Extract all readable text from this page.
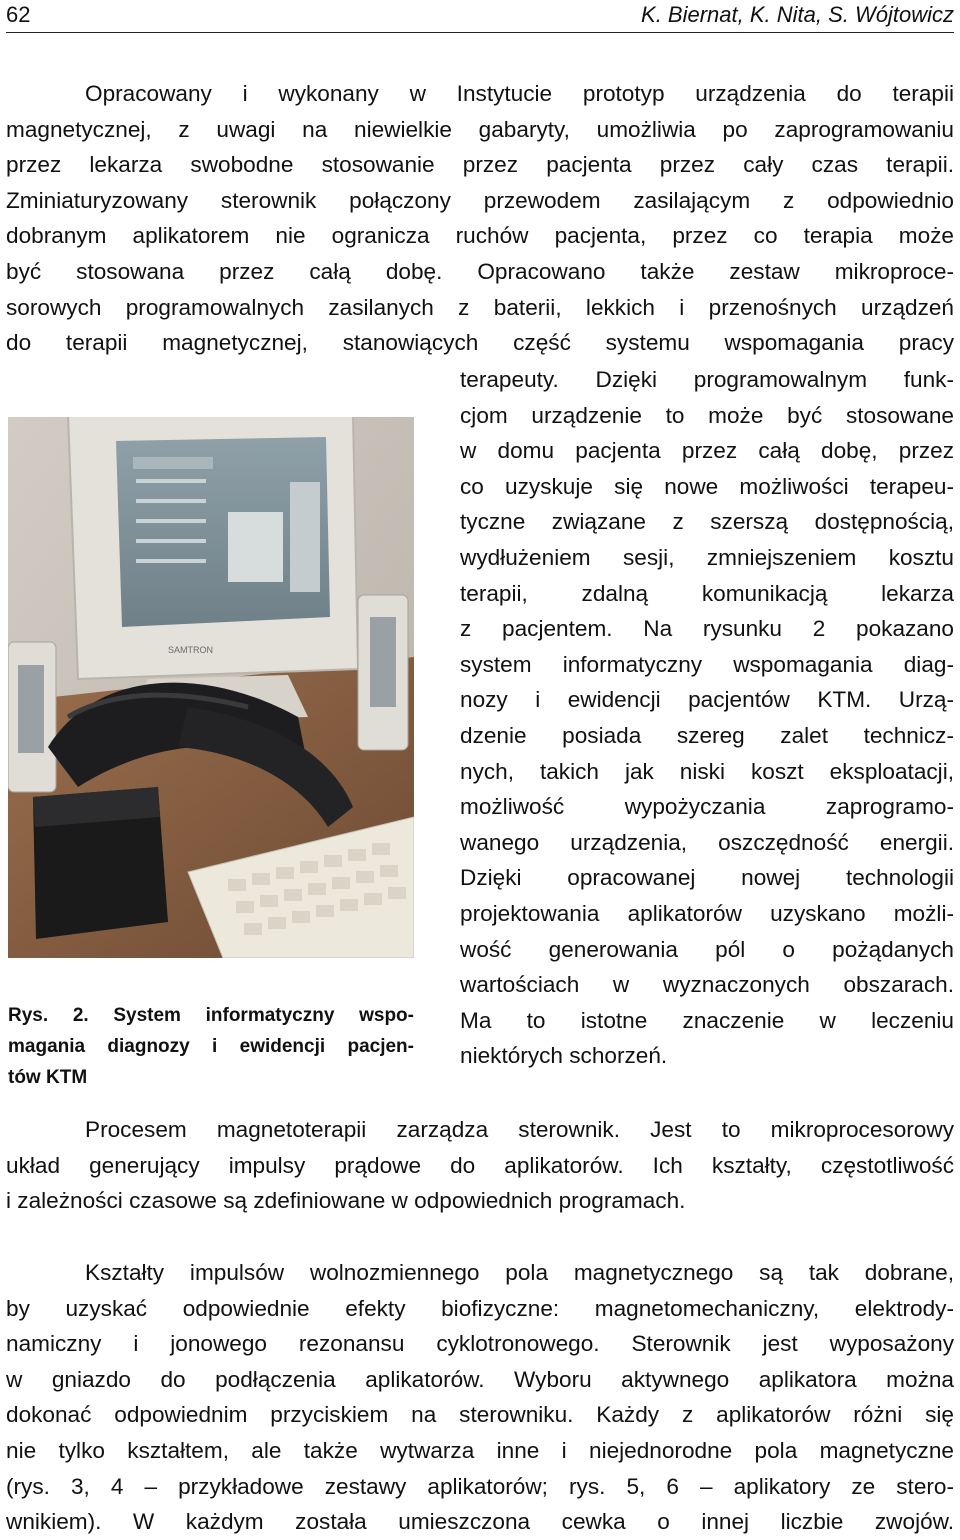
62	K. Biernat, K. Nita, S. Wójtowicz
Opracowany i wykonany w Instytucie prototyp urządzenia do terapii
magnetycznej, z uwagi na niewielkie gabaryty, umożliwia po zaprogramowaniu
przez lekarza swobodne stosowanie przez pacjenta przez cały czas terapii.
Zminiaturyzowany sterownik połączony przewodem zasilającym z odpowiednio
dobranym aplikatorem nie ogranicza ruchów pacjenta, przez co terapia może
być stosowana przez całą dobę. Opracowano także zestaw mikroproce-
sorowych programowalnych zasilanych z baterii, lekkich i przenośnych urządzeń
do terapii magnetycznej, stanowiących część systemu wspomagania pracy
terapeuty. Dzięki programowalnym funk-
cjom urządzenie to może być stosowane
w domu pacjenta przez całą dobę, przez
co uzyskuje się nowe możliwości terapeu-
tyczne związane z szerszą dostępnością,
wydłużeniem sesji, zmniejszeniem kosztu
terapii, zdalną komunikacją lekarza
z pacjentem. Na rysunku 2 pokazano
system informatyczny wspomagania diag-
nozy i ewidencji pacjentów KTM. Urzą-
dzenie posiada szereg zalet technicz-
nych, takich jak niski koszt eksploatacji,
możliwość wypożyczania zaprogramo-
wanego urządzenia, oszczędność energii.
Dzięki opracowanej nowej technologii
projektowania aplikatorów uzyskano możli-
wość generowania pól o pożądanych
wartościach w wyznaczonych obszarach.
Ma to istotne znaczenie w leczeniu
niektórych schorzeń.
SAMTRON
Rys. 2. System informatyczny wspo-
magania diagnozy i ewidencji pacjen-
tów KTM
Procesem magnetoterapii zarządza sterownik. Jest to mikroprocesorowy
układ generujący impulsy prądowe do aplikatorów. Ich kształty, częstotliwość
i zależności czasowe są zdefiniowane w odpowiednich programach.
Kształty impulsów wolnozmiennego pola magnetycznego są tak dobrane,
by uzyskać odpowiednie efekty biofizyczne: magnetomechaniczny, elektrody-
namiczny i jonowego rezonansu cyklotronowego. Sterownik jest wyposażony
w gniazdo do podłączenia aplikatorów. Wyboru aktywnego aplikatora można
dokonać odpowiednim przyciskiem na sterowniku. Każdy z aplikatorów różni się
nie tylko kształtem, ale także wytwarza inne i niejednorodne pola magnetyczne
(rys. 3, 4 – przykładowe zestawy aplikatorów; rys. 5, 6 – aplikatory ze stero-
wnikiem). W każdym została umieszczona cewka o innej liczbie zwojów.
